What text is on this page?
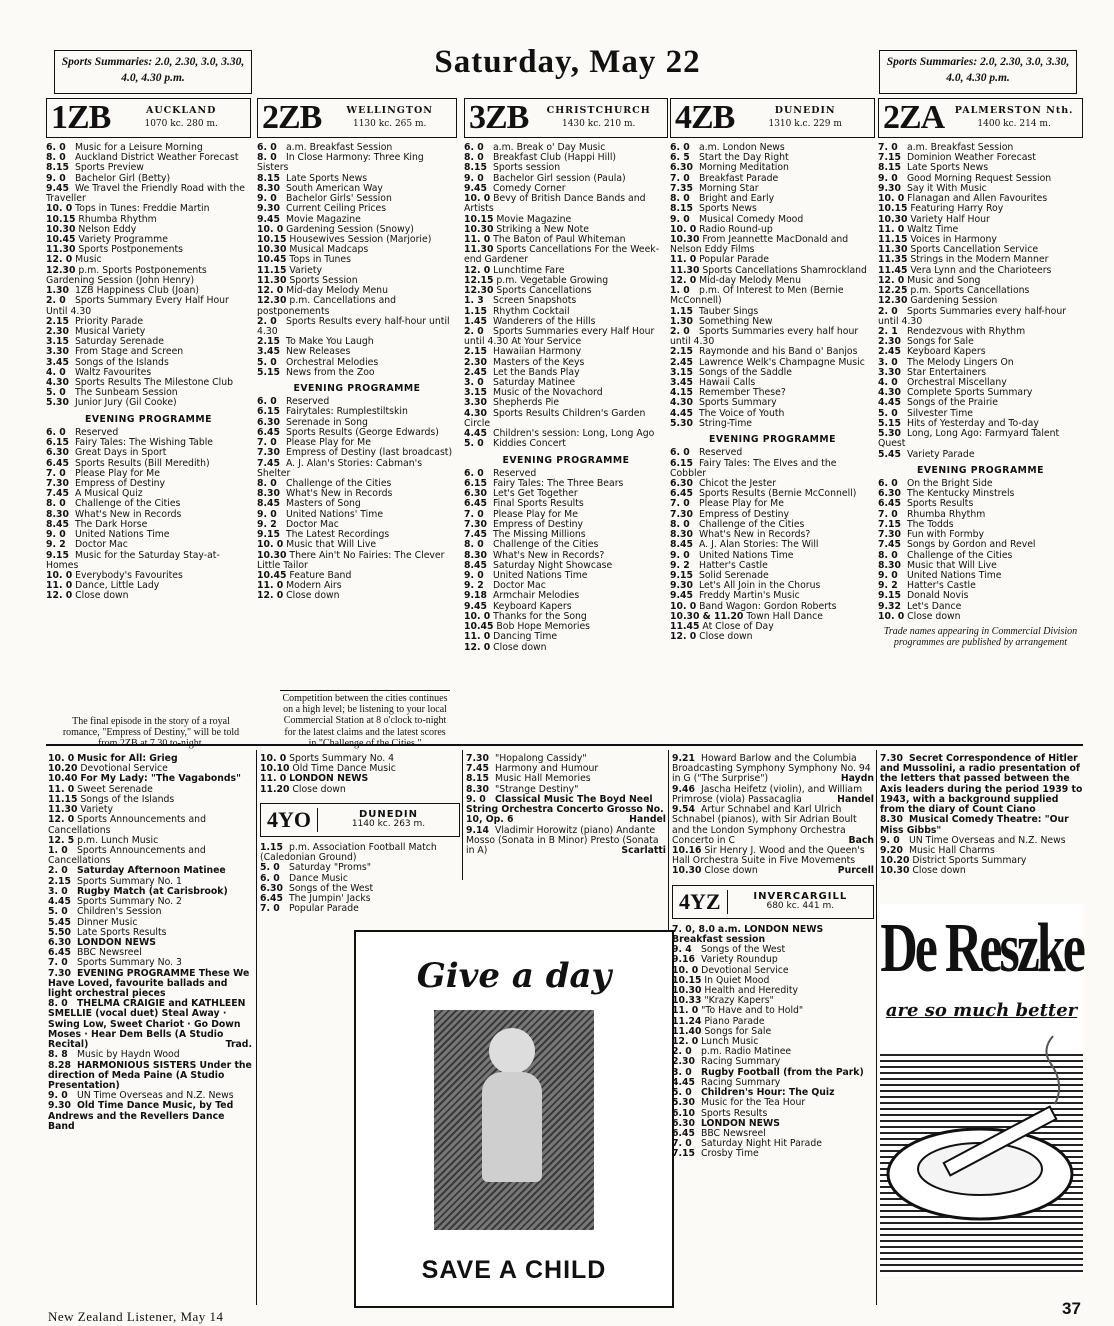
Sports Summaries: 2.0, 2.30, 3.0, 3.30, 4.0, 4.30 p.m.	Saturday, May 22	Sports Summaries: 2.0, 2.30, 3.0, 3.30, 4.0, 4.30 p.m.
1ZB	AUCKLAND
1070 kc. 280 m.

6. 0 Music for a Leisure Morning

8. 0 Auckland District Weather Forecast

8.15 Sports Preview

9. 0 Bachelor Girl (Betty)

9.45 We Travel the Friendly Road with the Traveller

10. 0 Tops in Tunes: Freddie Martin

10.15 Rhumba Rhythm

10.30 Nelson Eddy

10.45 Variety Programme

11.30 Sports Postponements

12. 0 Music

12.30 p.m. Sports Postponements Gardening Session (John Henry)

1.30 1ZB Happiness Club (Joan)

2. 0 Sports Summary Every Half Hour Until 4.30

2.15 Priority Parade

2.30 Musical Variety

3.15 Saturday Serenade

3.30 From Stage and Screen

3.45 Songs of the Islands

4. 0 Waltz Favourites

4.30 Sports Results The Milestone Club

5. 0 The Sunbeam Session

5.30 Junior Jury (Gil Cooke)

EVENING PROGRAMME

6. 0 Reserved

6.15 Fairy Tales: The Wishing Table

6.30 Great Days in Sport

6.45 Sports Results (Bill Meredith)

7. 0 Please Play for Me

7.30 Empress of Destiny

7.45 A Musical Quiz

8. 0 Challenge of the Cities

8.30 What's New in Records

8.45 The Dark Horse

9. 0 United Nations Time

9. 2 Doctor Mac

9.15 Music for the Saturday Stay-at-Homes

10. 0 Everybody's Favourites

11. 0 Dance, Little Lady

12. 0 Close down

2ZB	WELLINGTON
1130 kc. 265 m.

6. 0 a.m. Breakfast Session

8. 0 In Close Harmony: Three King Sisters

8.15 Late Sports News

8.30 South American Way

9. 0 Bachelor Girls' Session

9.30 Current Ceiling Prices

9.45 Movie Magazine

10. 0 Gardening Session (Snowy)

10.15 Housewives Session (Marjorie)

10.30 Musical Madcaps

10.45 Tops in Tunes

11.15 Variety

11.30 Sports Session

12. 0 Mid-day Melody Menu

12.30 p.m. Cancellations and postponements

2. 0 Sports Results every half-hour until 4.30

2.15 To Make You Laugh

3.45 New Releases

5. 0 Orchestral Melodies

5.15 News from the Zoo

EVENING PROGRAMME

6. 0 Reserved

6.15 Fairytales: Rumplestiltskin

6.30 Serenade in Song

6.45 Sports Results (George Edwards)

7. 0 Please Play for Me

7.30 Empress of Destiny (last broadcast)

7.45 A. J. Alan's Stories: Cabman's Shelter

8. 0 Challenge of the Cities

8.30 What's New in Records

8.45 Masters of Song

9. 0 United Nations' Time

9. 2 Doctor Mac

9.15 The Latest Recordings

10. 0 Music that Will Live

10.30 There Ain't No Fairies: The Clever Little Tailor

10.45 Feature Band

11. 0 Modern Airs

12. 0 Close down

3ZB	CHRISTCHURCH
1430 kc. 210 m.

6. 0 a.m. Break o' Day Music

8. 0 Breakfast Club (Happi Hill)

8.15 Sports session

9. 0 Bachelor Girl session (Paula)

9.45 Comedy Corner

10. 0 Bevy of British Dance Bands and Artists

10.15 Movie Magazine

10.30 Striking a New Note

11. 0 The Baton of Paul Whiteman

11.30 Sports Cancellations For the Week-end Gardener

12. 0 Lunchtime Fare

12.15 p.m. Vegetable Growing

12.30 Sports Cancellations

1. 3 Screen Snapshots

1.15 Rhythm Cocktail

1.45 Wanderers of the Hills

2. 0 Sports Summaries every Half Hour until 4.30 At Your Service

2.15 Hawaiian Harmony

2.30 Masters of the Keys

2.45 Let the Bands Play

3. 0 Saturday Matinee

3.15 Music of the Novachord

3.30 Shepherds Pie

4.30 Sports Results Children's Garden Circle

4.45 Children's session: Long, Long Ago

5. 0 Kiddies Concert

EVENING PROGRAMME

6. 0 Reserved

6.15 Fairy Tales: The Three Bears

6.30 Let's Get Together

6.45 Final Sports Results

7. 0 Please Play for Me

7.30 Empress of Destiny

7.45 The Missing Millions

8. 0 Challenge of the Cities

8.30 What's New in Records?

8.45 Saturday Night Showcase

9. 0 United Nations Time

9. 2 Doctor Mac

9.18 Armchair Melodies

9.45 Keyboard Kapers

10. 0 Thanks for the Song

10.45 Bob Hope Memories

11. 0 Dancing Time

12. 0 Close down

4ZB	DUNEDIN
1310 k.c. 229 m

6. 0 a.m. London News

6. 5 Start the Day Right

6.30 Morning Meditation

7. 0 Breakfast Parade

7.35 Morning Star

8. 0 Bright and Early

8.15 Sports News

9. 0 Musical Comedy Mood

10. 0 Radio Round-up

10.30 From Jeannette MacDonald and Nelson Eddy Films

11. 0 Popular Parade

11.30 Sports Cancellations Shamrockland

12. 0 Mid-day Melody Menu

1. 0 p.m. Of Interest to Men (Bernie McConnell)

1.15 Tauber Sings

1.30 Something New

2. 0 Sports Summaries every half hour until 4.30

2.15 Raymonde and his Band o' Banjos

2.45 Lawrence Welk's Champagne Music

3.15 Songs of the Saddle

3.45 Hawaii Calls

4.15 Remember These?

4.30 Sports Summary

4.45 The Voice of Youth

5.30 String-Time

EVENING PROGRAMME

6. 0 Reserved

6.15 Fairy Tales: The Elves and the Cobbler

6.30 Chicot the Jester

6.45 Sports Results (Bernie McConnell)

7. 0 Please Play for Me

7.30 Empress of Destiny

8. 0 Challenge of the Cities

8.30 What's New in Records?

8.45 A. J. Alan Stories: The Will

9. 0 United Nations Time

9. 2 Hatter's Castle

9.15 Solid Serenade

9.30 Let's All Join in the Chorus

9.45 Freddy Martin's Music

10. 0 Band Wagon: Gordon Roberts

10.30 & 11.20 Town Hall Dance

11.45 At Close of Day

12. 0 Close down

2ZA	PALMERSTON Nth.
1400 kc. 214 m.

7. 0 a.m. Breakfast Session

7.15 Dominion Weather Forecast

8.15 Late Sports News

9. 0 Good Morning Request Session

9.30 Say it With Music

10. 0 Flanagan and Allen Favourites

10.15 Featuring Harry Roy

10.30 Variety Half Hour

11. 0 Waltz Time

11.15 Voices in Harmony

11.30 Sports Cancellation Service

11.35 Strings in the Modern Manner

11.45 Vera Lynn and the Charioteers

12. 0 Music and Song

12.25 p.m. Sports Cancellations

12.30 Gardening Session

2. 0 Sports Summaries every half-hour until 4.30

2. 1 Rendezvous with Rhythm

2.30 Songs for Sale

2.45 Keyboard Kapers

3. 0 The Melody Lingers On

3.30 Star Entertainers

4. 0 Orchestral Miscellany

4.30 Complete Sports Summary

4.45 Songs of the Prairie

5. 0 Silvester Time

5.15 Hits of Yesterday and To-day

5.30 Long, Long Ago: Farmyard Talent Quest

5.45 Variety Parade

EVENING PROGRAMME

6. 0 On the Bright Side

6.30 The Kentucky Minstrels

6.45 Sports Results

7. 0 Rhumba Rhythm

7.15 The Todds

7.30 Fun with Formby

7.45 Songs by Gordon and Revel

8. 0 Challenge of the Cities

8.30 Music that Will Live

9. 0 United Nations Time

9. 2 Hatter's Castle

9.15 Donald Novis

9.32 Let's Dance

10. 0 Close down

Trade names appearing in Commercial Division programmes are published by arrangement
The final episode in the story of a royal romance, "Empress of Destiny," will be told
Competition between the cities continues on a high level; be listening to your local Commercial Station at 8 o'clock to-night for the latest claims and the latest scores

10. 0 Music for All: Grieg

10.20 Devotional Service

10.40 For My Lady: "The Vagabonds"

11. 0 Sweet Serenade

11.15 Songs of the Islands

11.30 Variety

12. 0 Sports Announcements and Cancellations

12. 5 p.m. Lunch Music

1. 0 Sports Announcements and Cancellations

2. 0 Saturday Afternoon Matinee

2.15 Sports Summary No. 1

3. 0 Rugby Match (at Carisbrook)

4.45 Sports Summary No. 2

5. 0 Children's Session

5.45 Dinner Music

5.50 Late Sports Results

6.30 LONDON NEWS

6.45 BBC Newsreel

7. 0 Sports Summary No. 3

7.30 EVENING PROGRAMME These We Have Loved, favourite ballads and light orchestral pieces

8. 0 THELMA CRAIGIE and KATHLEEN SMELLIE (vocal duet) Steal Away · Swing Low, Sweet Chariot · Go Down Moses · Hear Dem Bells (A Studio Recital)	Trad.

8. 8 Music by Haydn Wood

8.28 HARMONIOUS SISTERS Under the direction of Meda Paine (A Studio Presentation)

9. 0 UN Time Overseas and N.Z. News

9.30 Old Time Dance Music, by Ted Andrews and the Revellers Dance Band

10. 0 Sports Summary No. 4

10.10 Old Time Dance Music

11. 0 LONDON NEWS

11.20 Close down

4YO	DUNEDIN
1140 kc. 263 m.

1.15 p.m. Association Football Match (Caledonian Ground)

5. 0 Saturday "Proms"

6. 0 Dance Music

6.30 Songs of the West

6.45 The Jumpin' Jacks

7. 0 Popular Parade

7.30 "Hopalong Cassidy"

7.45 Harmony and Humour

8.15 Music Hall Memories

8.30 "Strange Destiny"

9. 0 Classical Music The Boyd Neel String Orchestra Concerto Grosso No. 10, Op. 6	Handel

9.14 Vladimir Horowitz (piano) Andante Mosso (Sonata in B Minor) Presto (Sonata in A)	Scarlatti

Give a day
SAVE A CHILD

9.21 Howard Barlow and the Columbia Broadcasting Symphony Symphony No. 94 in G ("The Surprise")	Haydn

9.46 Jascha Heifetz (violin), and William Primrose (viola) Passacaglia	Handel

9.54 Artur Schnabel and Karl Ulrich Schnabel (pianos), with Sir Adrian Boult and the London Symphony Orchestra Concerto in C	Bach

10.16 Sir Henry J. Wood and the Queen's Hall Orchestra Suite in Five Movements
Purcell

10.30 Close down

4YZ	INVERCARGILL
680 kc. 441 m.

7. 0, 8.0 a.m. LONDON NEWS Breakfast session

9. 4 Songs of the West

9.16 Variety Roundup

10. 0 Devotional Service

10.15 In Quiet Mood

10.30 Health and Heredity

10.33 "Krazy Kapers"

11. 0 "To Have and to Hold"

11.24 Piano Parade

11.40 Songs for Sale

12. 0 Lunch Music

2. 0 p.m. Radio Matinee

2.30 Racing Summary

3. 0 Rugby Football (from the Park)

4.45 Racing Summary

5. 0 Children's Hour: The Quiz

5.30 Music for the Tea Hour

6.10 Sports Results

6.30 LONDON NEWS

6.45 BBC Newsreel

7. 0 Saturday Night Hit Parade

7.15 Crosby Time

7.30 Secret Correspondence of Hitler and Mussolini, a radio presentation of the letters that passed between the Axis leaders during the period 1939 to 1943, with a background supplied from the diary of Count Ciano

8.30 Musical Comedy Theatre: "Our Miss Gibbs"

9. 0 UN Time Overseas and N.Z. News

9.20 Music Hall Charms

10.20 District Sports Summary

10.30 Close down

De Reszke
are so much better
New Zealand Listener, May 14	37
